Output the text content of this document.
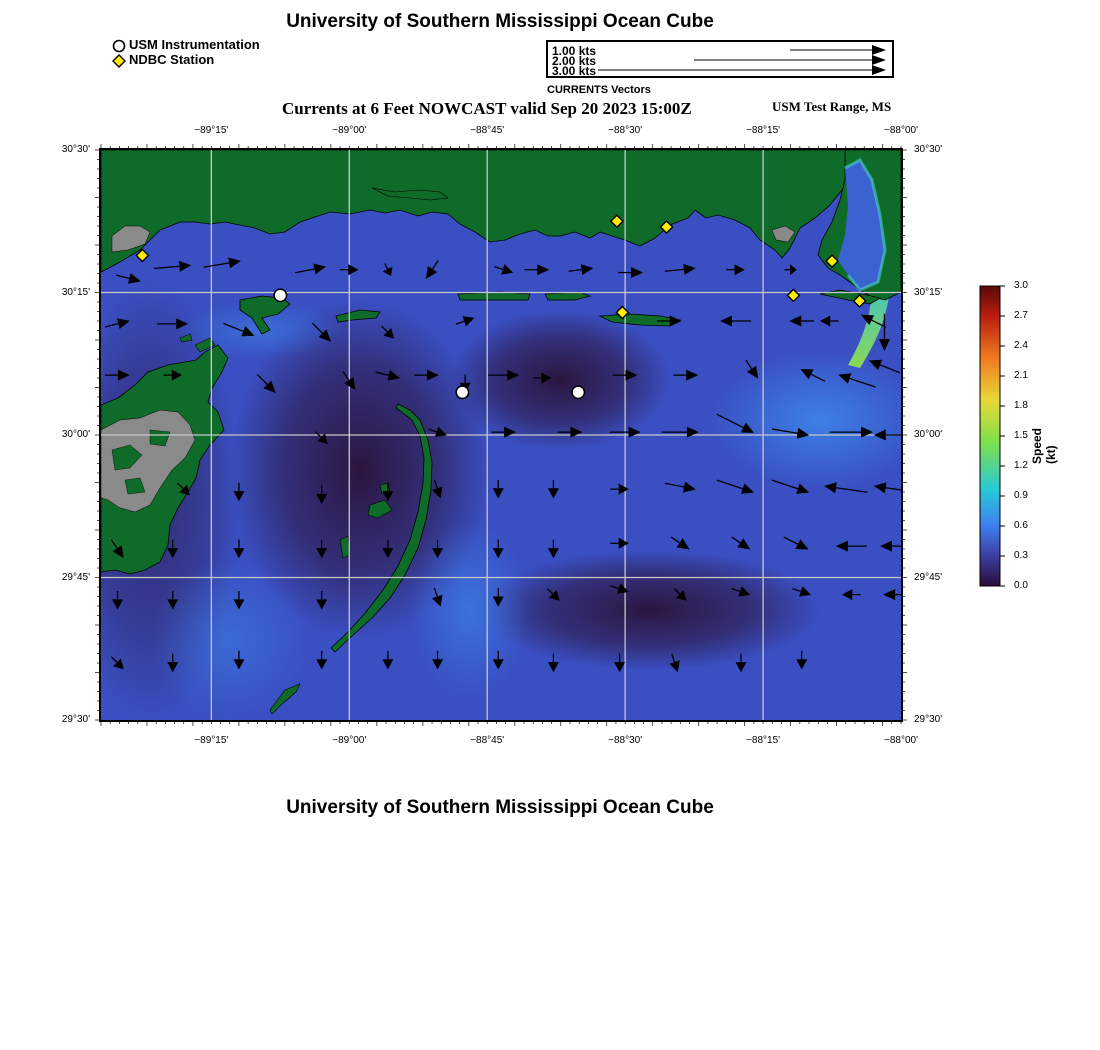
University of Southern Mississippi Ocean Cube
USM Instrumentation
NDBC Station
1.00 kts
2.00 kts
3.00 kts
CURRENTS Vectors
Currents at 6 Feet NOWCAST valid Sep 20 2023 15:00Z	USM Test Range, MS
−89°15'
−89°15'
−89°00'
−89°00'
−88°45'
−88°45'
−88°30'
−88°30'
−88°15'
−88°15'
−88°00'
−88°00'
30°30'	30°30'
30°15'	30°15'
30°00'	30°00'
29°45'	29°45'
29°30'	29°30'
3.0
2.7
2.4
2.1
1.8
1.5
1.2
0.9
0.6
0.3
0.0
Speed (kt)
University of Southern Mississippi Ocean Cube
